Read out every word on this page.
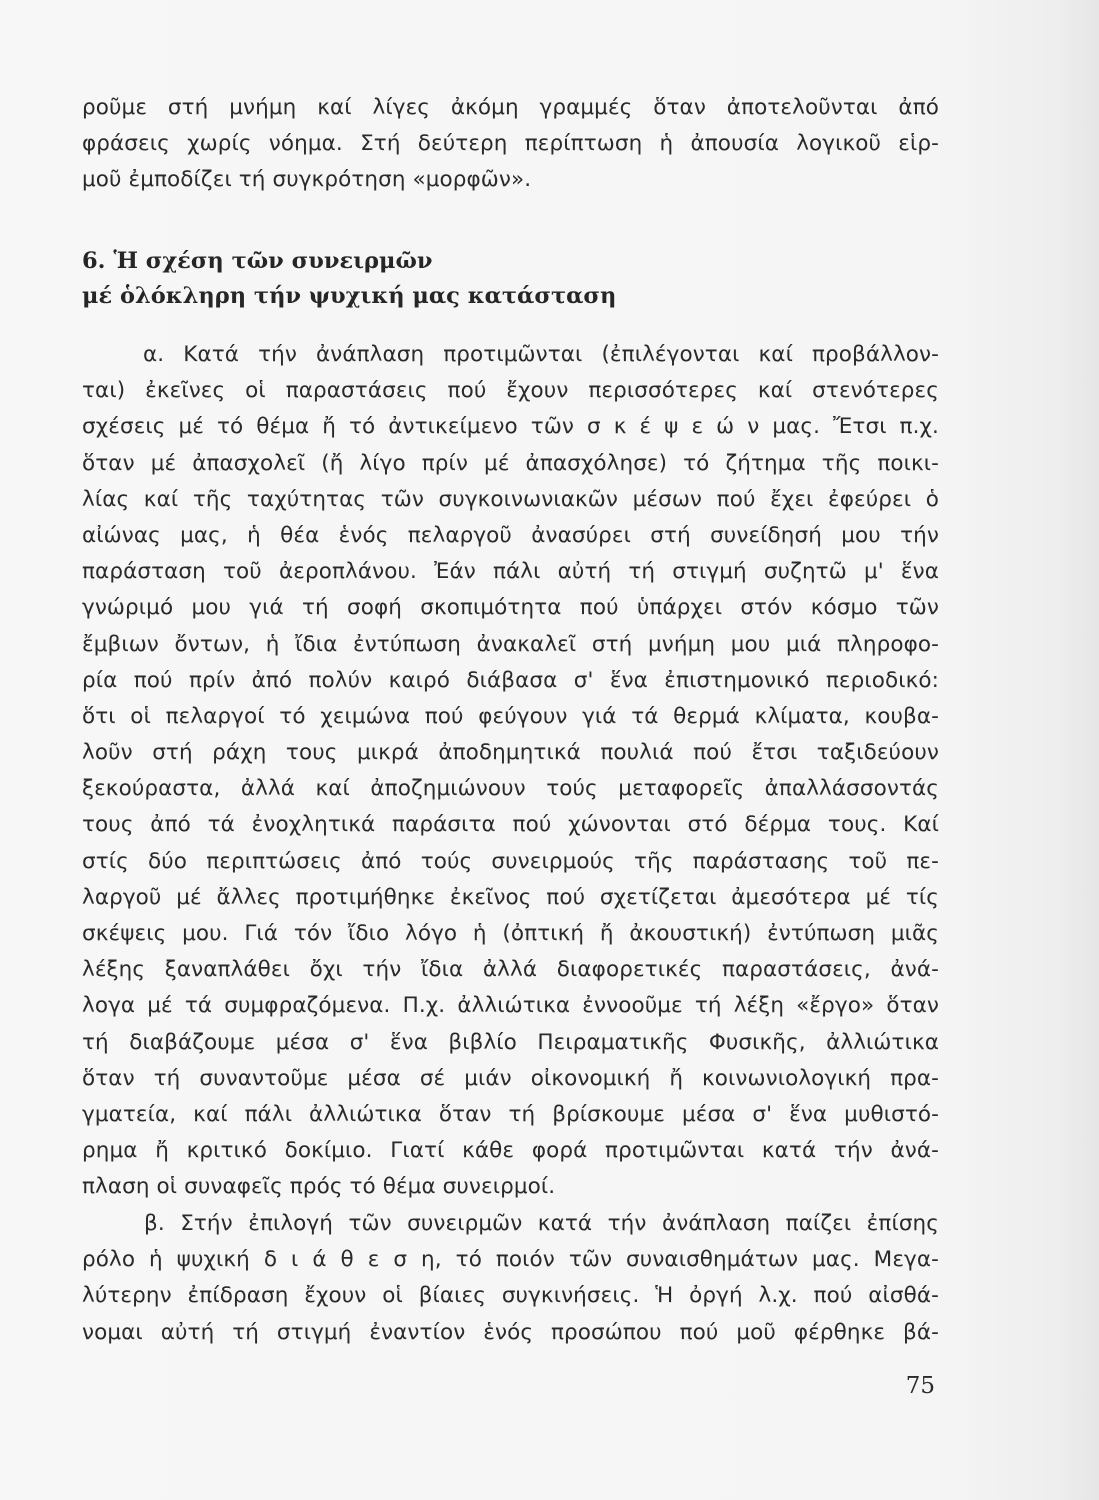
ροῦμε στή μνήμη καί λίγες ἀκόμη γραμμές ὅταν ἀποτελοῦνται ἀπό
φράσεις χωρίς νόημα. Στή δεύτερη περίπτωση ἡ ἀπουσία λογικοῦ εἱρ-
μοῦ ἐμποδίζει τή συγκρότηση «μορφῶν».
6. Ἡ σχέση τῶν συνειρμῶν
μέ ὁλόκληρη τήν ψυχική μας κατάσταση
α. Κατά τήν ἀνάπλαση προτιμῶνται (ἐπιλέγονται καί προβάλλον-
ται) ἐκεῖνες οἱ παραστάσεις πού ἔχουν περισσότερες καί στενότερες
σχέσεις μέ τό θέμα ἤ τό ἀντικείμενο τῶν σ κ έ ψ ε ώ ν μας. Ἔτσι π.χ.
ὅταν μέ ἀπασχολεῖ (ἤ λίγο πρίν μέ ἀπασχόλησε) τό ζήτημα τῆς ποικι-
λίας καί τῆς ταχύτητας τῶν συγκοινωνιακῶν μέσων πού ἔχει ἐφεύρει ὁ
αἰώνας μας, ἡ θέα ἑνός πελαργοῦ ἀνασύρει στή συνείδησή μου τήν
παράσταση τοῦ ἀεροπλάνου. Ἐάν πάλι αὐτή τή στιγμή συζητῶ μ' ἕνα
γνώριμό μου γιά τή σοφή σκοπιμότητα πού ὑπάρχει στόν κόσμο τῶν
ἔμβιων ὄντων, ἡ ἴδια ἐντύπωση ἀνακαλεῖ στή μνήμη μου μιά πληροφο-
ρία πού πρίν ἀπό πολύν καιρό διάβασα σ' ἕνα ἐπιστημονικό περιοδικό:
ὅτι οἱ πελαργοί τό χειμώνα πού φεύγουν γιά τά θερμά κλίματα, κουβα-
λοῦν στή ράχη τους μικρά ἀποδημητικά πουλιά πού ἔτσι ταξιδεύουν
ξεκούραστα, ἀλλά καί ἀποζημιώνουν τούς μεταφορεῖς ἀπαλλάσσοντάς
τους ἀπό τά ἐνοχλητικά παράσιτα πού χώνονται στό δέρμα τους. Καί
στίς δύο περιπτώσεις ἀπό τούς συνειρμούς τῆς παράστασης τοῦ πε-
λαργοῦ μέ ἄλλες προτιμήθηκε ἐκεῖνος πού σχετίζεται ἀμεσότερα μέ τίς
σκέψεις μου. Γιά τόν ἴδιο λόγο ἡ (ὀπτική ἤ ἀκουστική) ἐντύπωση μιᾶς
λέξης ξαναπλάθει ὄχι τήν ἴδια ἀλλά διαφορετικές παραστάσεις, ἀνά-
λογα μέ τά συμφραζόμενα. Π.χ. ἀλλιώτικα ἐννοοῦμε τή λέξη «ἔργο» ὅταν
τή διαβάζουμε μέσα σ' ἕνα βιβλίο Πειραματικῆς Φυσικῆς, ἀλλιώτικα
ὅταν τή συναντοῦμε μέσα σέ μιάν οἰκονομική ἤ κοινωνιολογική πρα-
γματεία, καί πάλι ἀλλιώτικα ὅταν τή βρίσκουμε μέσα σ' ἕνα μυθιστό-
ρημα ἤ κριτικό δοκίμιο. Γιατί κάθε φορά προτιμῶνται κατά τήν ἀνά-
πλαση οἱ συναφεῖς πρός τό θέμα συνειρμοί.
β. Στήν ἐπιλογή τῶν συνειρμῶν κατά τήν ἀνάπλαση παίζει ἐπίσης
ρόλο ἡ ψυχική δ ι ά θ ε σ η, τό ποιόν τῶν συναισθημάτων μας. Μεγα-
λύτερην ἐπίδραση ἔχουν οἱ βίαιες συγκινήσεις. Ἡ ὀργή λ.χ. πού αἰσθά-
νομαι αὐτή τή στιγμή ἐναντίον ἑνός προσώπου πού μοῦ φέρθηκε βά-
75
